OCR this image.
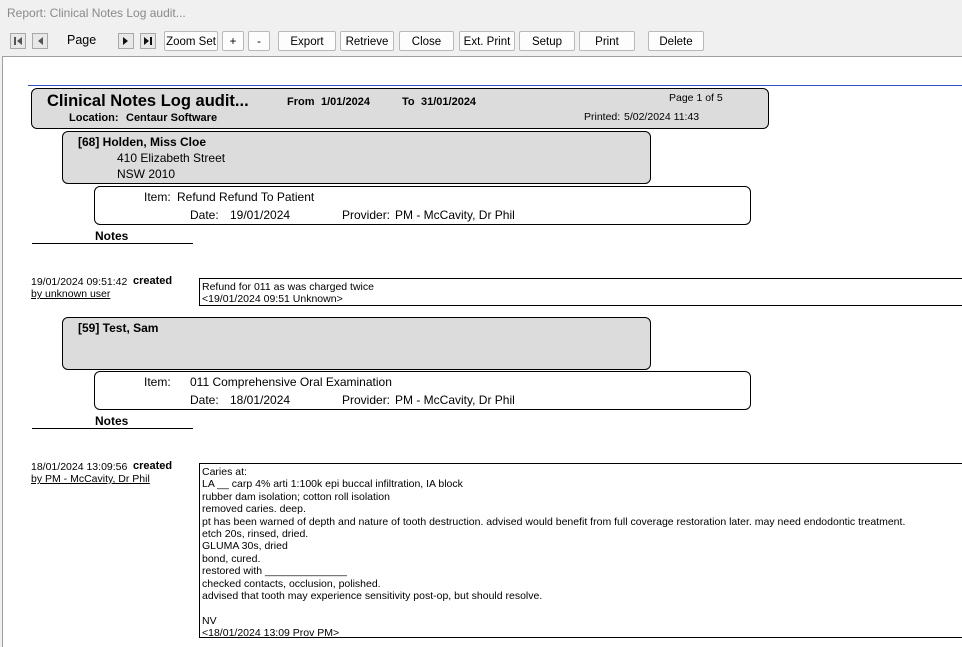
Report: Clinical Notes Log audit...
Page	Zoom Set	+	-	Export	Retrieve	Close	Ext. Print	Setup	Print	Delete
Clinical Notes Log audit...	From 1/01/2024	To 31/01/2024	Page 1 of 5
Location: Centaur Software	Printed: 5/02/2024 11:43
[68] Holden, Miss Cloe
410 Elizabeth Street
NSW 2010
Item: Refund Refund To Patient
Date: 19/01/2024	Provider: PM - McCavity, Dr Phil
Notes
19/01/2024 09:51:42 created
by unknown user
Refund for 011 as was charged twice
<19/01/2024 09:51 Unknown>
[59] Test, Sam
Item: 011 Comprehensive Oral Examination
Date: 18/01/2024	Provider: PM - McCavity, Dr Phil
Notes
18/01/2024 13:09:56 created
by PM - McCavity, Dr Phil
Caries at:
LA __ carp 4% arti 1:100k epi buccal infiltration, IA block
rubber dam isolation; cotton roll isolation
removed caries. deep.
pt has been warned of depth and nature of tooth destruction. advised would benefit from full coverage restoration later. may need endodontic treatment.
etch 20s, rinsed, dried.
GLUMA 30s, dried
bond, cured.
restored with ______________
checked contacts, occlusion, polished.
advised that tooth may experience sensitivity post-op, but should resolve.
NV
<18/01/2024 13:09 Prov PM>
